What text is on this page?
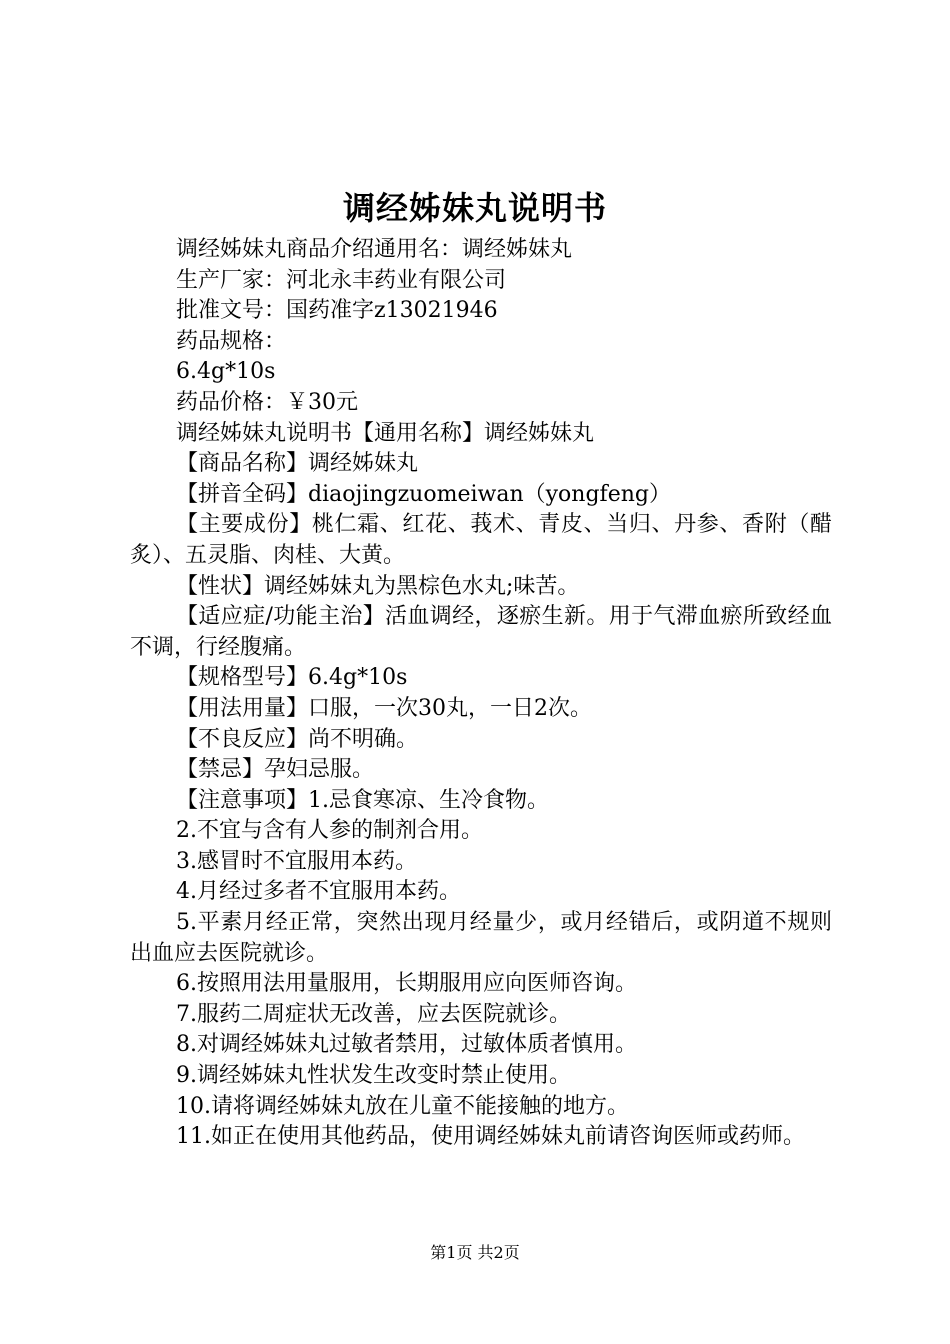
调经姊妹丸说明书

调经姊妹丸商品介绍通用名：调经姊妹丸

生产厂家：河北永丰药业有限公司

批准文号：国药准字z13021946

药品规格：

6.4g*10s

药品价格：￥30元

调经姊妹丸说明书【通用名称】调经姊妹丸

【商品名称】调经姊妹丸

【拼音全码】diaojingzuomeiwan（yongfeng）

【主要成份】桃仁霜、红花、莪术、青皮、当归、丹参、香附（醋炙）、五灵脂、肉桂、大黄。

【性状】调经姊妹丸为黑棕色水丸;味苦。

【适应症/功能主治】活血调经，逐瘀生新。用于气滞血瘀所致经血不调，行经腹痛。

【规格型号】6.4g*10s

【用法用量】口服，一次30丸，一日2次。

【不良反应】尚不明确。

【禁忌】孕妇忌服。

【注意事项】1.忌食寒凉、生冷食物。

2.不宜与含有人参的制剂合用。

3.感冒时不宜服用本药。

4.月经过多者不宜服用本药。

5.平素月经正常，突然出现月经量少，或月经错后，或阴道不规则出血应去医院就诊。

6.按照用法用量服用，长期服用应向医师咨询。

7.服药二周症状无改善，应去医院就诊。

8.对调经姊妹丸过敏者禁用，过敏体质者慎用。

9.调经姊妹丸性状发生改变时禁止使用。

10.请将调经姊妹丸放在儿童不能接触的地方。

11.如正在使用其他药品，使用调经姊妹丸前请咨询医师或药师。

第1页 共2页
